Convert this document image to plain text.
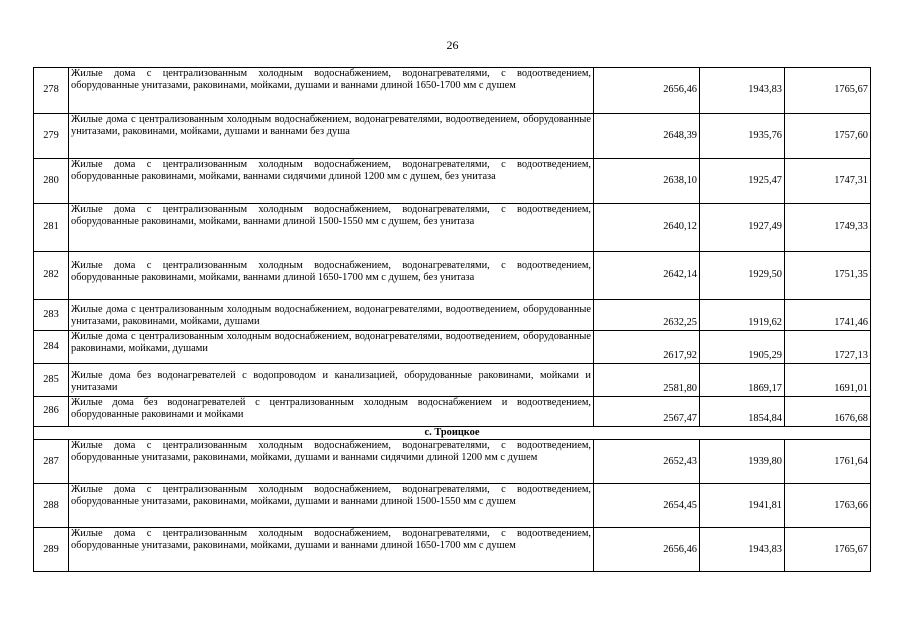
26
278	Жилые дома с централизованным холодным водоснабжением, водонагревателями, с водоотведением, оборудованные унитазами, раковинами, мойками, душами и ваннами длиной 1650-1700 мм с душем	2656,46	1943,83	1765,67
279	Жилые дома с централизованным холодным водоснабжением, водонагревателями, водоотведением, оборудованные унитазами, раковинами, мойками, душами и ваннами без душа	2648,39	1935,76	1757,60
280	Жилые дома с централизованным холодным водоснабжением, водонагревателями, с водоотведением, оборудованные раковинами, мойками, ваннами сидячими длиной 1200 мм с душем, без унитаза	2638,10	1925,47	1747,31
281	Жилые дома с централизованным холодным водоснабжением, водонагревателями, с водоотведением, оборудованные раковинами, мойками, ваннами длиной 1500-1550 мм с душем, без унитаза	2640,12	1927,49	1749,33
282	Жилые дома с централизованным холодным водоснабжением, водонагревателями, с водоотведением, оборудованные раковинами, мойками, ваннами длиной 1650-1700 мм с душем, без унитаза	2642,14	1929,50	1751,35
283	Жилые дома с централизованным холодным водоснабжением, водонагревателями, водоотведением, оборудованные унитазами, раковинами, мойками, душами	2632,25	1919,62	1741,46
284	Жилые дома с централизованным холодным водоснабжением, водонагревателями, водоотведением, оборудованные раковинами, мойками, душами	2617,92	1905,29	1727,13
285	Жилые дома без водонагревателей с водопроводом и канализацией, оборудованные раковинами, мойками и унитазами	2581,80	1869,17	1691,01
286	Жилые дома без водонагревателей с централизованным холодным водоснабжением и водоотведением, оборудованные раковинами и мойками	2567,47	1854,84	1676,68
с. Троицкое				
287	Жилые дома с централизованным холодным водоснабжением, водонагревателями, с водоотведением, оборудованные унитазами, раковинами, мойками, душами и ваннами сидячими длиной 1200 мм с душем	2652,43	1939,80	1761,64
288	Жилые дома с централизованным холодным водоснабжением, водонагревателями, с водоотведением, оборудованные унитазами, раковинами, мойками, душами и ваннами длиной 1500-1550 мм с душем	2654,45	1941,81	1763,66
289	Жилые дома с централизованным холодным водоснабжением, водонагревателями, с водоотведением, оборудованные унитазами, раковинами, мойками, душами и ваннами длиной 1650-1700 мм с душем	2656,46	1943,83	1765,67
